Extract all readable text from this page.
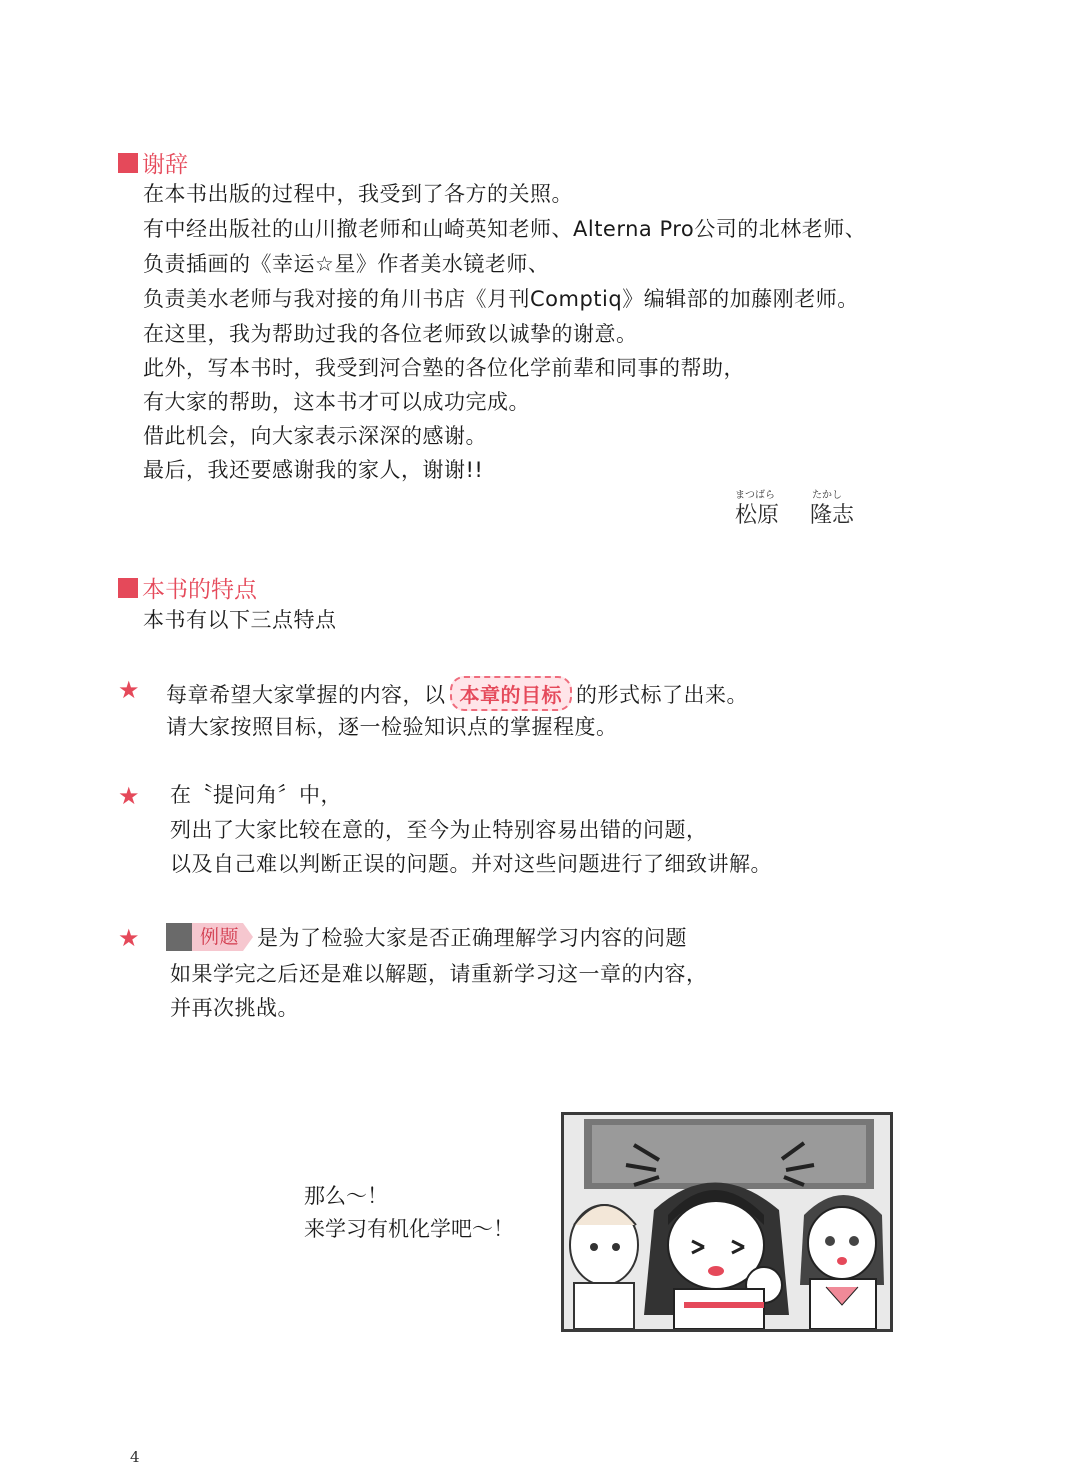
谢辞
在本书出版的过程中，我受到了各方的关照。
有中经出版社的山川撤老师和山崎英知老师、Alterna Pro公司的北林老师、
负责插画的《幸运☆星》作者美水镜老师、
负责美水老师与我对接的角川书店《月刊Comptiq》编辑部的加藤刚老师。
在这里，我为帮助过我的各位老师致以诚挚的谢意。
此外，写本书时，我受到河合塾的各位化学前辈和同事的帮助，
有大家的帮助，这本书才可以成功完成。
借此机会，向大家表示深深的感谢。
最后，我还要感谢我的家人，谢谢!!
まつばら	たかし
松原 隆志
本书的特点
本书有以下三点特点
★ 每章希望大家掌握的内容，以 本章的目标 的形式标了出来。
请大家按照目标，逐一检验知识点的掌握程度。
★ 在〝提问角〞中，
列出了大家比较在意的，至今为止特别容易出错的问题，
以及自己难以判断正误的问题。并对这些问题进行了细致讲解。
★	例题 是为了检验大家是否正确理解学习内容的问题
如果学完之后还是难以解题，请重新学习这一章的内容，
并再次挑战。
那么～！
来学习有机化学吧～！
4
